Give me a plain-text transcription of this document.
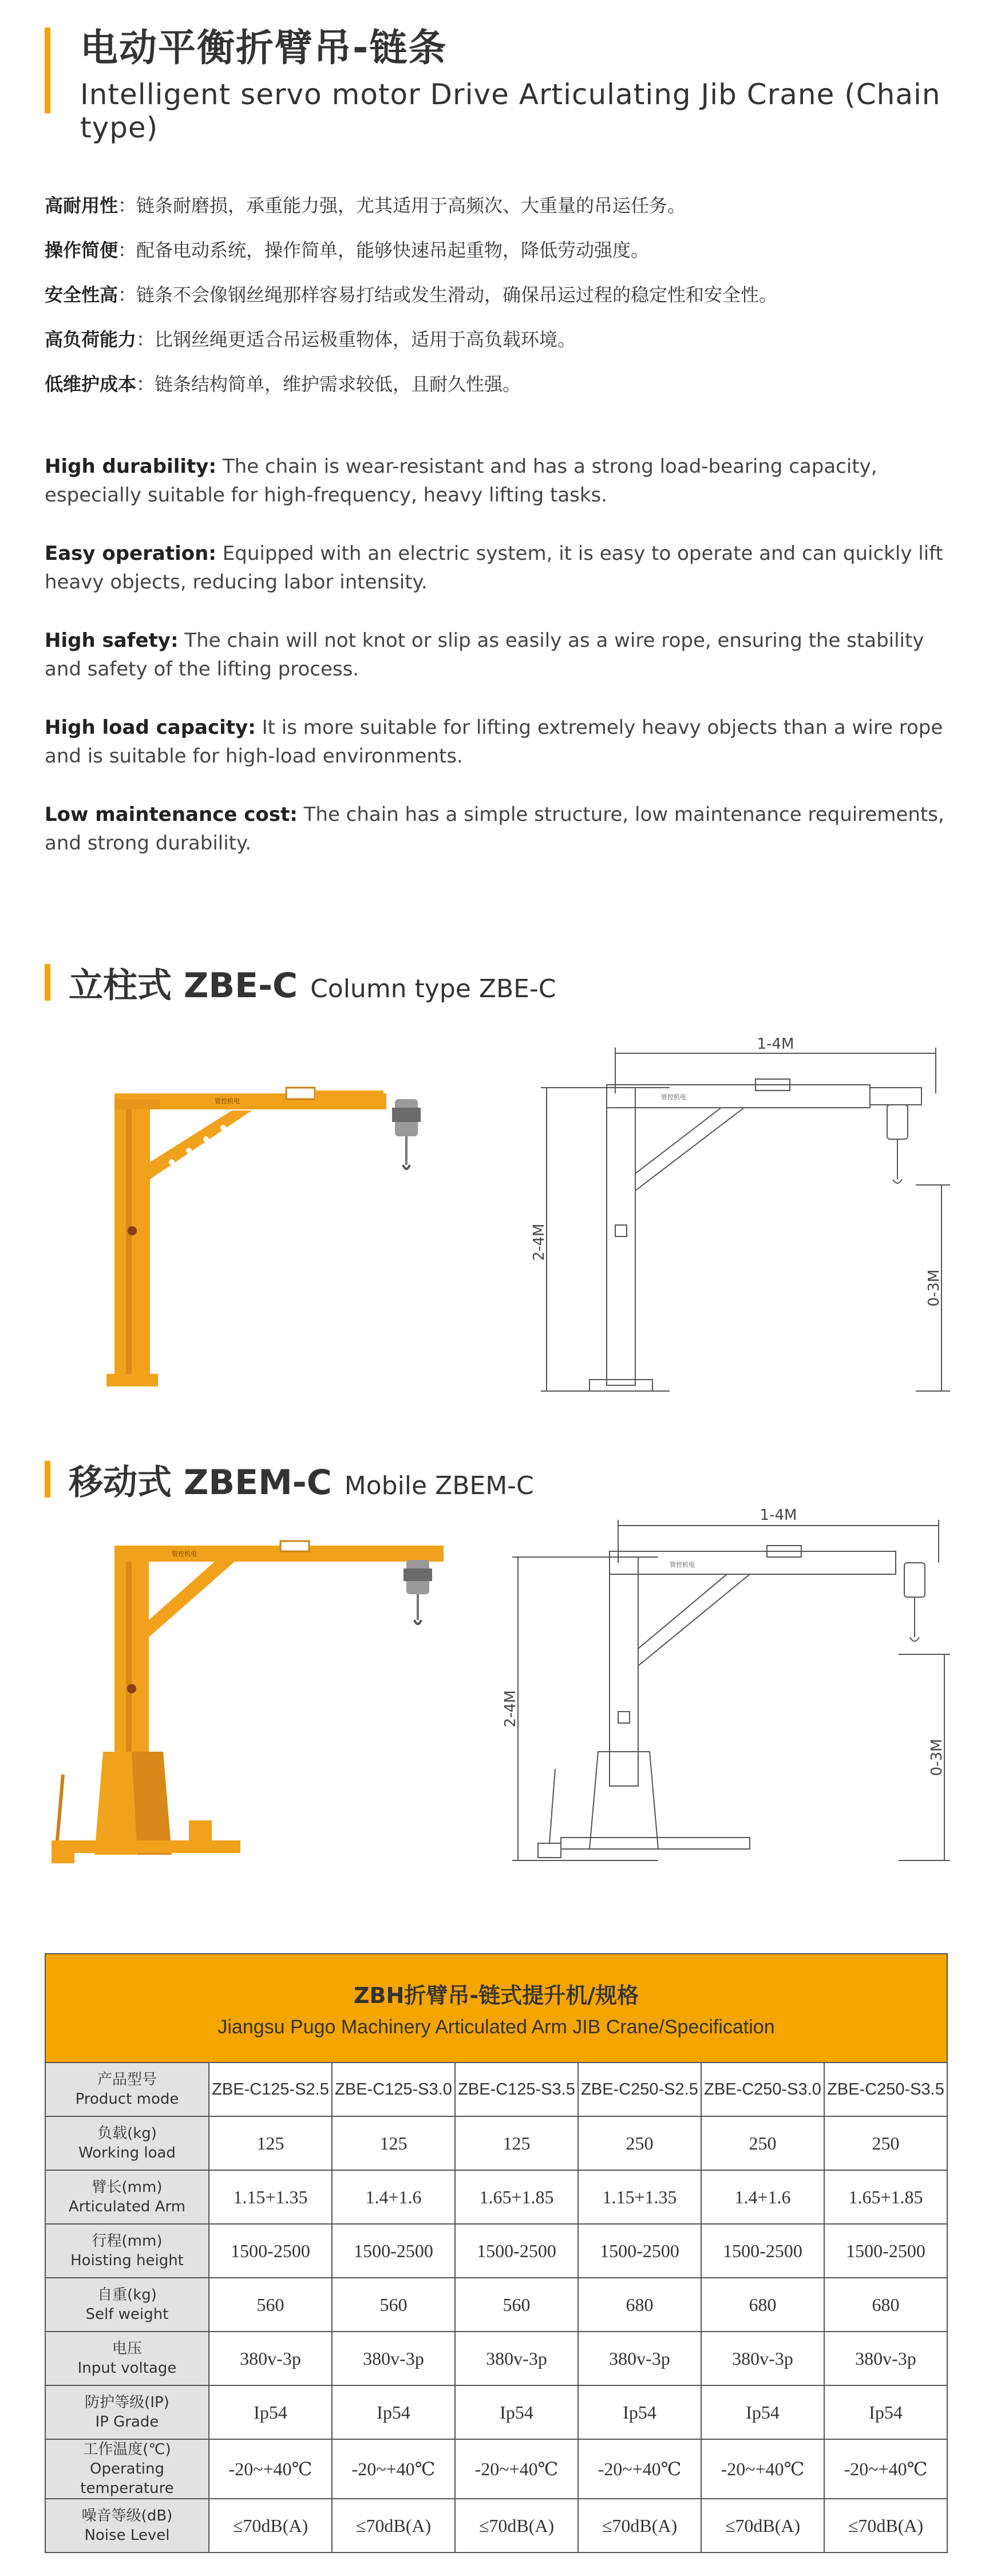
电动平衡折臂吊-链条
Intelligent servo motor Drive Articulating Jib Crane (Chain type)
高耐用性：链条耐磨损，承重能力强，尤其适用于高频次、大重量的吊运任务。
操作简便：配备电动系统，操作简单，能够快速吊起重物，降低劳动强度。
安全性高：链条不会像钢丝绳那样容易打结或发生滑动，确保吊运过程的稳定性和安全性。
高负荷能力：比钢丝绳更适合吊运极重物体，适用于高负载环境。
低维护成本：链条结构简单，维护需求较低，且耐久性强。
High durability: The chain is wear-resistant and has a strong load-bearing capacity, especially suitable for high-frequency, heavy lifting tasks.
Easy operation: Equipped with an electric system, it is easy to operate and can quickly lift heavy objects, reducing labor intensity.
High safety: The chain will not knot or slip as easily as a wire rope, ensuring the stability and safety of the lifting process.
High load capacity: It is more suitable for lifting extremely heavy objects than a wire rope and is suitable for high-load environments.
Low maintenance cost: The chain has a simple structure, low maintenance requirements, and strong durability.
立柱式 ZBE-C Column type ZBE-C
管控机电
1-4M
2-4M
0-3M
管控机电
移动式 ZBEM-C Mobile ZBEM-C
管控机电
1-4M
2-4M
0-3M
管控机电
ZBH折臂吊-链式提升机/规格
Jiangsu Pugo Machinery Articulated Arm JIB Crane/Specification						

产品型号
Product mode	ZBE-C125-S2.5	ZBE-C125-S3.0	ZBE-C125-S3.5	ZBE-C250-S2.5	ZBE-C250-S3.0	ZBE-C250-S3.5

负载(kg)
Working load	125	125	125	250	250	250

臂长(mm)
Articulated Arm	1.15+1.35	1.4+1.6	1.65+1.85	1.15+1.35	1.4+1.6	1.65+1.85

行程(mm)
Hoisting height	1500-2500	1500-2500	1500-2500	1500-2500	1500-2500	1500-2500

自重(kg)
Self weight	560	560	560	680	680	680

电压
Input voltage	380v-3p	380v-3p	380v-3p	380v-3p	380v-3p	380v-3p

防护等级(IP)
IP Grade	Ip54	Ip54	Ip54	Ip54	Ip54	Ip54

工作温度(℃)
Operating temperature	-20~+40℃	-20~+40℃	-20~+40℃	-20~+40℃	-20~+40℃	-20~+40℃

噪音等级(dB)
Noise Level	≤70dB(A)	≤70dB(A)	≤70dB(A)	≤70dB(A)	≤70dB(A)	≤70dB(A)
